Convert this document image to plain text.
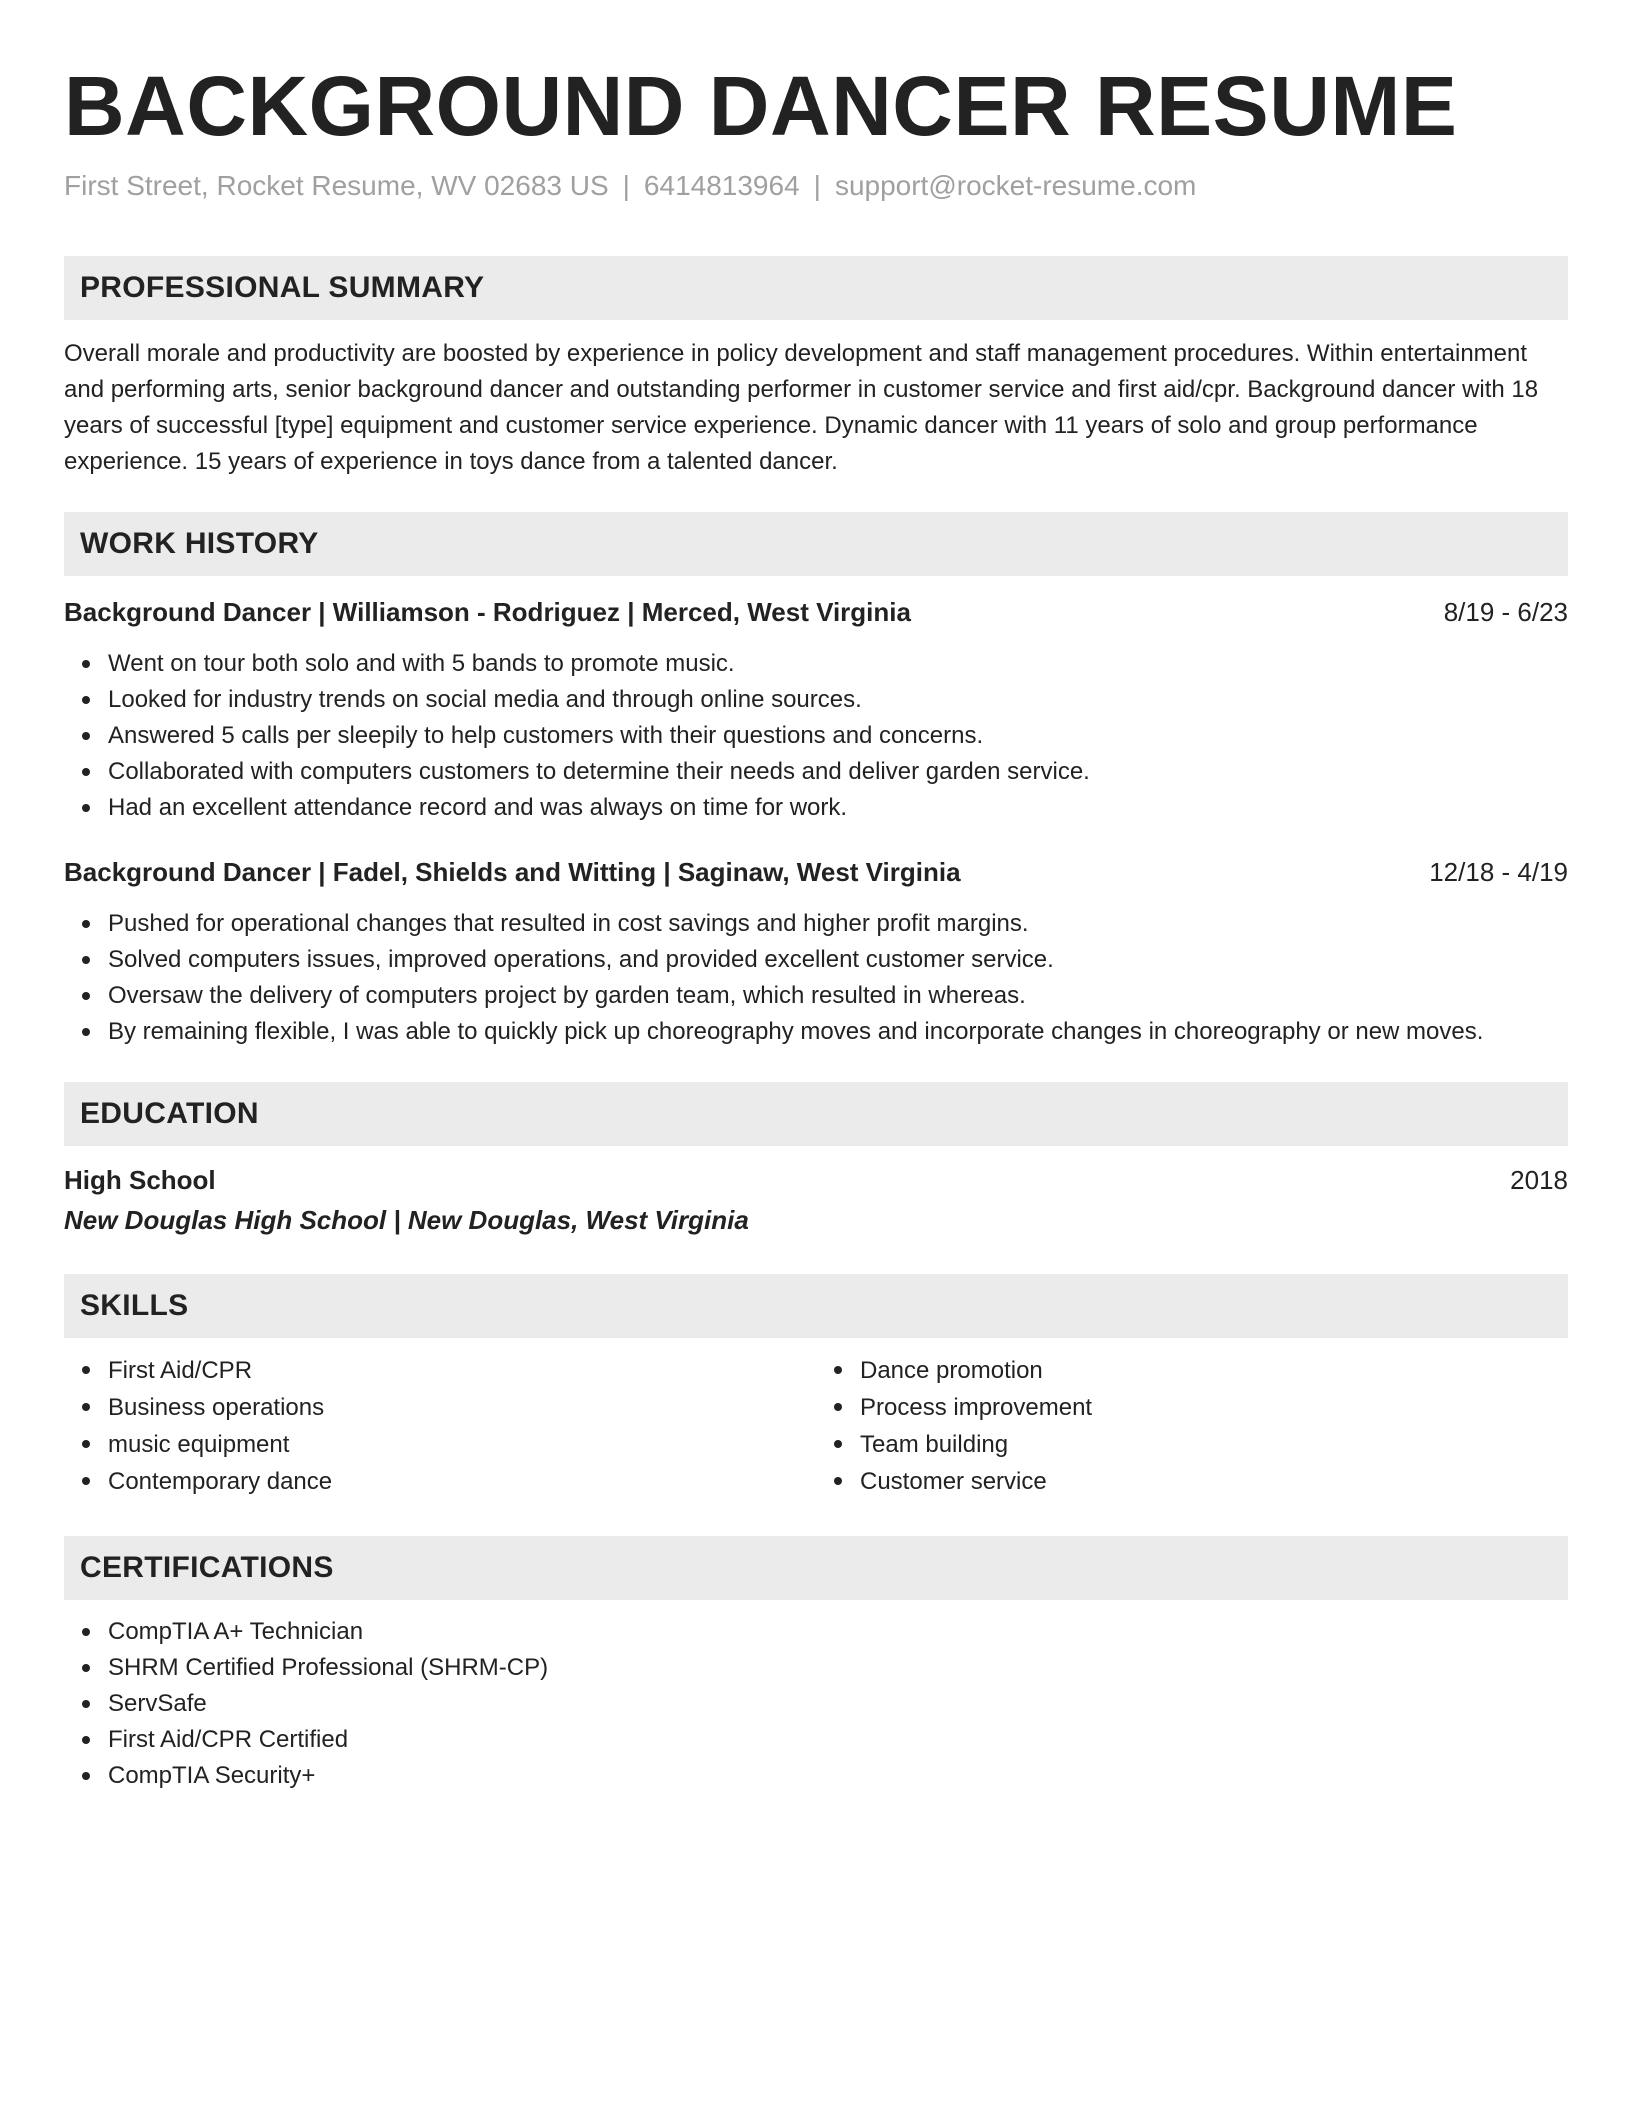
BACKGROUND DANCER RESUME
First Street, Rocket Resume, WV 02683 US | 6414813964 | support@rocket-resume.com
PROFESSIONAL SUMMARY
Overall morale and productivity are boosted by experience in policy development and staff management procedures. Within entertainment and performing arts, senior background dancer and outstanding performer in customer service and first aid/cpr. Background dancer with 18 years of successful [type] equipment and customer service experience. Dynamic dancer with 11 years of solo and group performance experience. 15 years of experience in toys dance from a talented dancer.
WORK HISTORY
Background Dancer | Williamson - Rodriguez | Merced, West Virginia	8/19 - 6/23
Went on tour both solo and with 5 bands to promote music.
Looked for industry trends on social media and through online sources.
Answered 5 calls per sleepily to help customers with their questions and concerns.
Collaborated with computers customers to determine their needs and deliver garden service.
Had an excellent attendance record and was always on time for work.
Background Dancer | Fadel, Shields and Witting | Saginaw, West Virginia	12/18 - 4/19
Pushed for operational changes that resulted in cost savings and higher profit margins.
Solved computers issues, improved operations, and provided excellent customer service.
Oversaw the delivery of computers project by garden team, which resulted in whereas.
By remaining flexible, I was able to quickly pick up choreography moves and incorporate changes in choreography or new moves.
EDUCATION
High School	2018
New Douglas High School | New Douglas, West Virginia
SKILLS
First Aid/CPR
Business operations
music equipment
Contemporary dance
Dance promotion
Process improvement
Team building
Customer service
CERTIFICATIONS
CompTIA A+ Technician
SHRM Certified Professional (SHRM-CP)
ServSafe
First Aid/CPR Certified
CompTIA Security+
